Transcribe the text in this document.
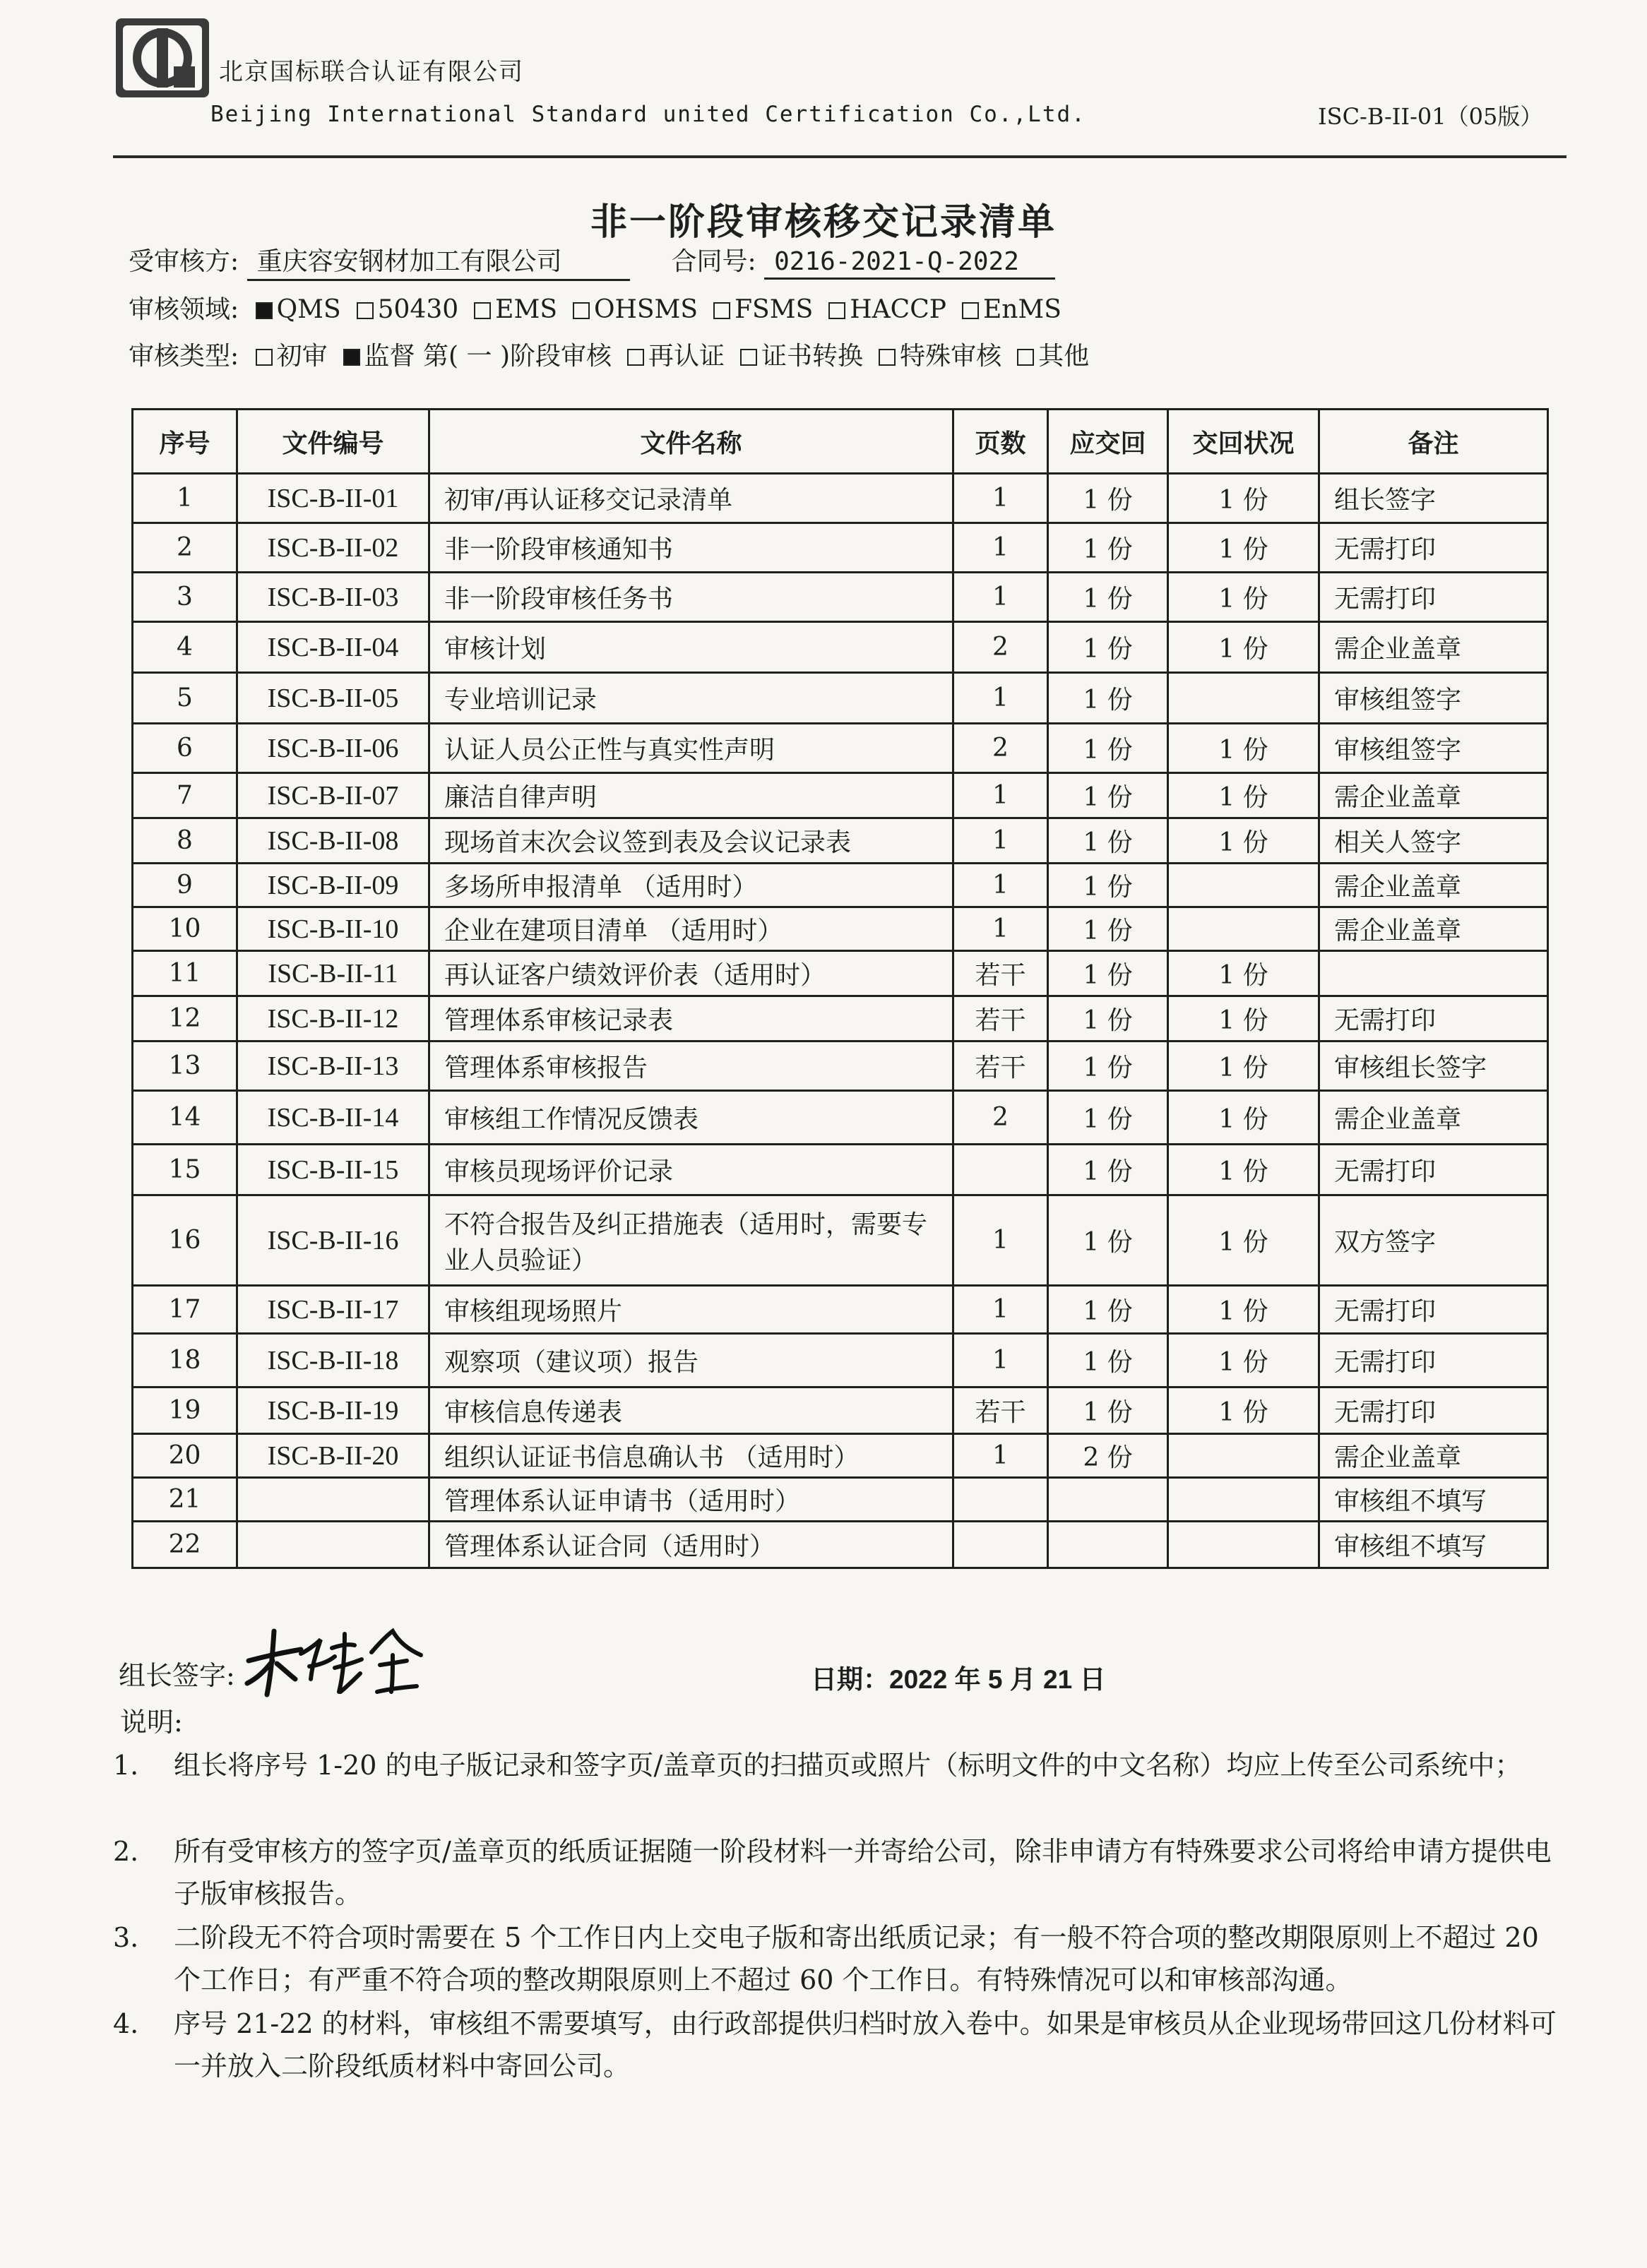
北京国标联合认证有限公司
Beijing International Standard united Certification Co.,Ltd.	ISC-B-II-01（05版）
非一阶段审核移交记录清单
受审核方: 重庆容安钢材加工有限公司	合同号: 0216-2021-Q-2022
审核领域: QMS 50430 EMS OHSMS FSMS HACCP EnMS
审核类型: 初审 监督 第( 一 )阶段审核 再认证 证书转换 特殊审核 其他
序号	文件编号	文件名称	页数	应交回	交回状况	备注
1	ISC-B-II-01	初审/再认证移交记录清单	1	1 份	1 份	组长签字
2	ISC-B-II-02	非一阶段审核通知书	1	1 份	1 份	无需打印
3	ISC-B-II-03	非一阶段审核任务书	1	1 份	1 份	无需打印
4	ISC-B-II-04	审核计划	2	1 份	1 份	需企业盖章
5	ISC-B-II-05	专业培训记录	1	1 份		审核组签字
6	ISC-B-II-06	认证人员公正性与真实性声明	2	1 份	1 份	审核组签字
7	ISC-B-II-07	廉洁自律声明	1	1 份	1 份	需企业盖章
8	ISC-B-II-08	现场首末次会议签到表及会议记录表	1	1 份	1 份	相关人签字
9	ISC-B-II-09	多场所申报清单 （适用时）	1	1 份		需企业盖章
10	ISC-B-II-10	企业在建项目清单 （适用时）	1	1 份		需企业盖章
11	ISC-B-II-11	再认证客户绩效评价表（适用时）	若干	1 份	1 份	
12	ISC-B-II-12	管理体系审核记录表	若干	1 份	1 份	无需打印
13	ISC-B-II-13	管理体系审核报告	若干	1 份	1 份	审核组长签字
14	ISC-B-II-14	审核组工作情况反馈表	2	1 份	1 份	需企业盖章
15	ISC-B-II-15	审核员现场评价记录		1 份	1 份	无需打印
16	ISC-B-II-16	不符合报告及纠正措施表（适用时，需要专业人员验证）	1	1 份	1 份	双方签字
17	ISC-B-II-17	审核组现场照片	1	1 份	1 份	无需打印
18	ISC-B-II-18	观察项（建议项）报告	1	1 份	1 份	无需打印
19	ISC-B-II-19	审核信息传递表	若干	1 份	1 份	无需打印
20	ISC-B-II-20	组织认证证书信息确认书 （适用时）	1	2 份		需企业盖章
21		管理体系认证申请书（适用时）				审核组不填写
22		管理体系认证合同（适用时）				审核组不填写
组长签字:	日期：2022 年 5 月 21 日
说明:
1. 组长将序号 1-20 的电子版记录和签字页/盖章页的扫描页或照片（标明文件的中文名称）均应上传至公司系统中；
2. 所有受审核方的签字页/盖章页的纸质证据随一阶段材料一并寄给公司，除非申请方有特殊要求公司将给申请方提供电子版审核报告。
3. 二阶段无不符合项时需要在 5 个工作日内上交电子版和寄出纸质记录；有一般不符合项的整改期限原则上不超过 20 个工作日；有严重不符合项的整改期限原则上不超过 60 个工作日。有特殊情况可以和审核部沟通。
4. 序号 21-22 的材料，审核组不需要填写，由行政部提供归档时放入卷中。如果是审核员从企业现场带回这几份材料可一并放入二阶段纸质材料中寄回公司。
